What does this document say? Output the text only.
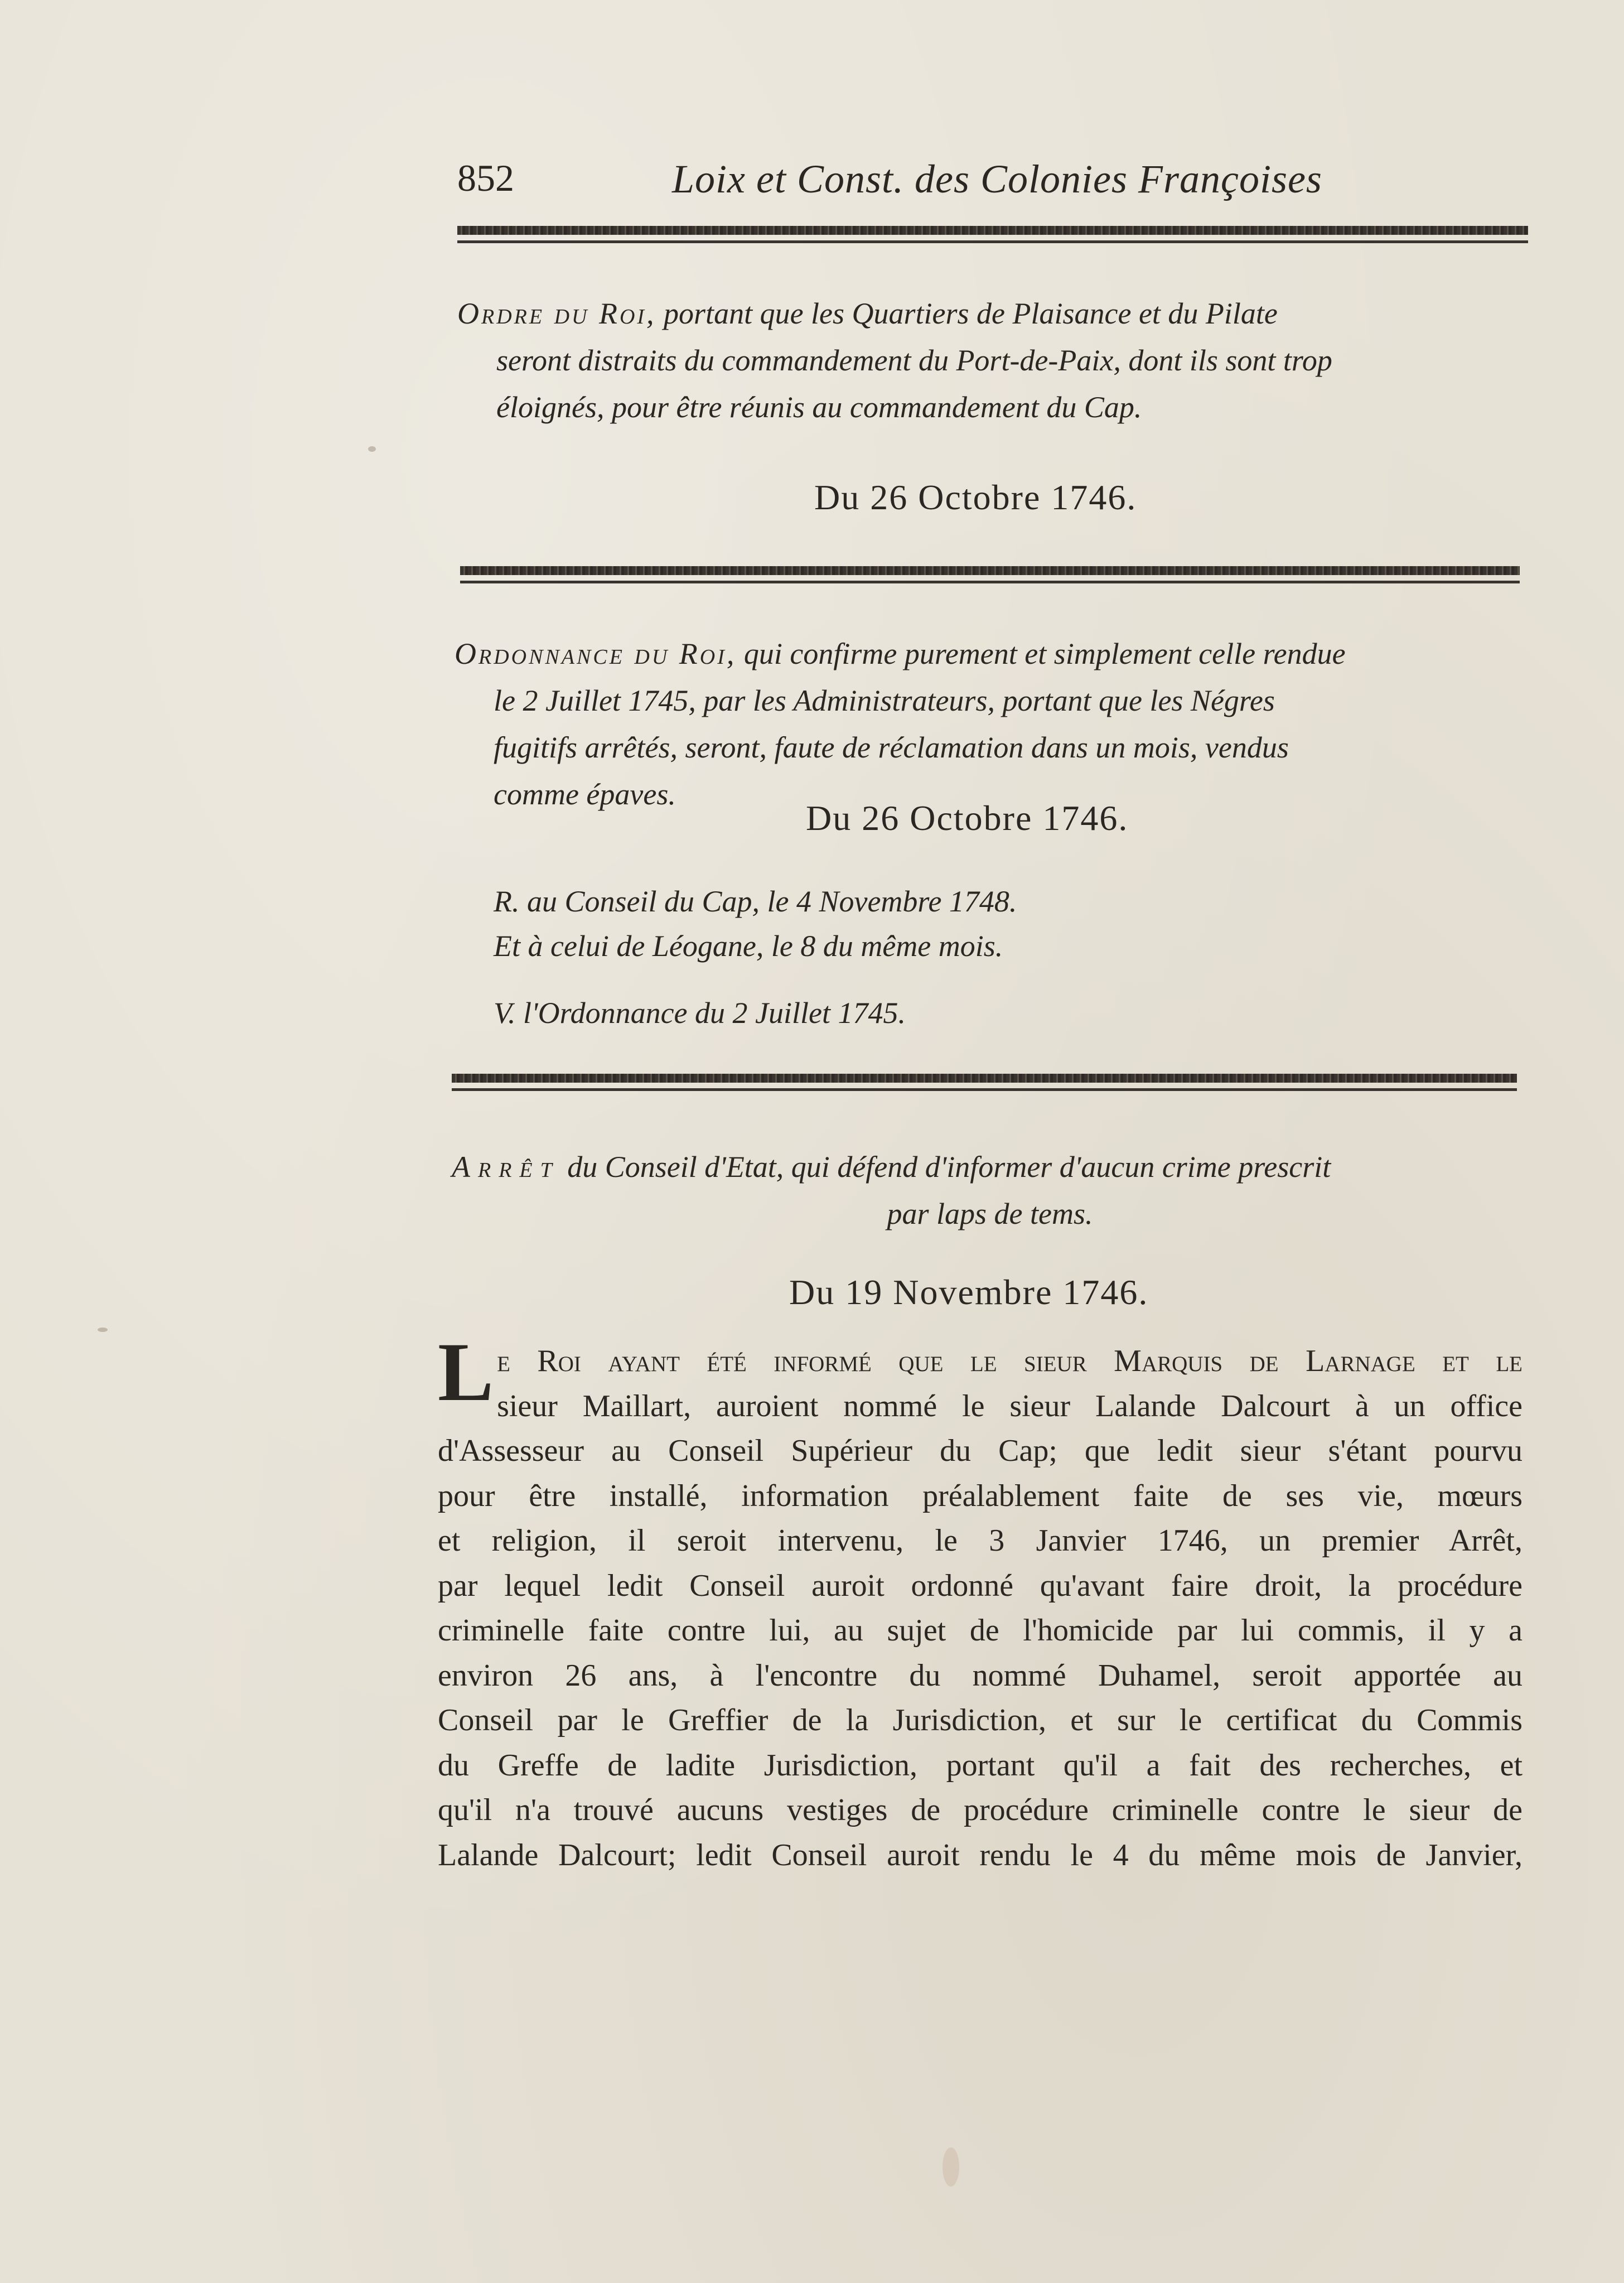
852	Loix et Const. des Colonies Françoises
Ordre du Roi, portant que les Quartiers de Plaisance et du Pilate
seront distraits du commandement du Port-de-Paix, dont ils sont trop
éloignés, pour être réunis au commandement du Cap.
Du 26 Octobre 1746.
Ordonnance du Roi, qui confirme purement et simplement celle rendue
le 2 Juillet 1745, par les Administrateurs, portant que les Négres
fugitifs arrêtés, seront, faute de réclamation dans un mois, vendus
comme épaves.
Du 26 Octobre 1746.
R. au Conseil du Cap, le 4 Novembre 1748.
Et à celui de Léogane, le 8 du même mois.
V. l'Ordonnance du 2 Juillet 1745.
Arrêt du Conseil d'Etat, qui défend d'informer d'aucun crime prescrit
par laps de tems.
Du 19 Novembre 1746.
L e Roi ayant été informé que le sieur Marquis de Larnage et le
sieur Maillart, auroient nommé le sieur Lalande Dalcourt à un office
d'Assesseur au Conseil Supérieur du Cap; que ledit sieur s'étant pourvu
pour être installé, information préalablement faite de ses vie, mœurs
et religion, il seroit intervenu, le 3 Janvier 1746, un premier Arrêt,
par lequel ledit Conseil auroit ordonné qu'avant faire droit, la procédure
criminelle faite contre lui, au sujet de l'homicide par lui commis, il y a
environ 26 ans, à l'encontre du nommé Duhamel, seroit apportée au
Conseil par le Greffier de la Jurisdiction, et sur le certificat du Commis
du Greffe de ladite Jurisdiction, portant qu'il a fait des recherches, et
qu'il n'a trouvé aucuns vestiges de procédure criminelle contre le sieur de
Lalande Dalcourt; ledit Conseil auroit rendu le 4 du même mois de Janvier,
